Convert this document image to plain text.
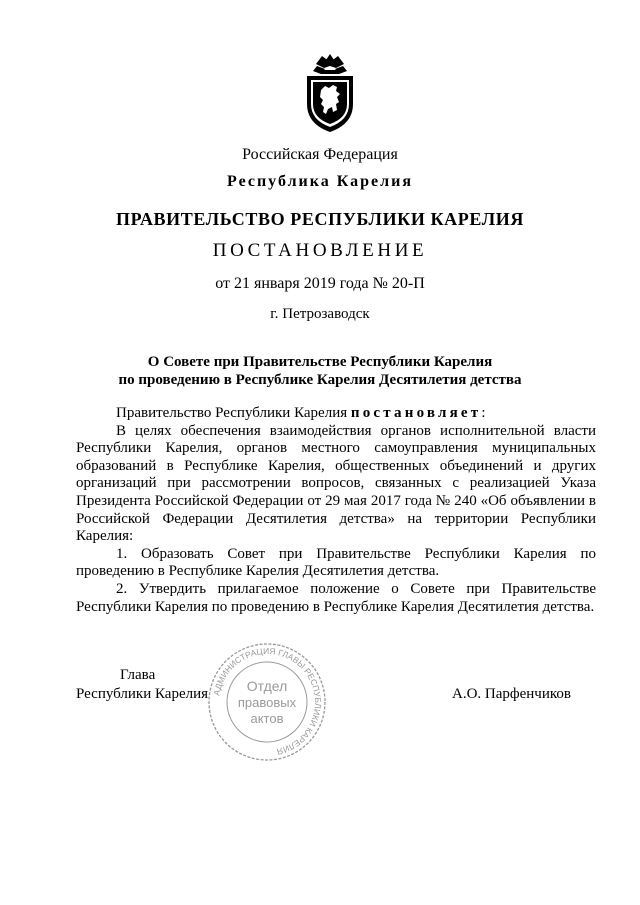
Российская Федерация
Республика Карелия
ПРАВИТЕЛЬСТВО РЕСПУБЛИКИ КАРЕЛИЯ
ПОСТАНОВЛЕНИЕ
от 21 января 2019 года № 20-П
г. Петрозаводск
О Совете при Правительстве Республики Карелия
по проведению в Республике Карелия Десятилетия детства

Правительство Республики Карелия постановляет:

В целях обеспечения взаимодействия органов исполнительной власти Республики Карелия, органов местного самоуправления муниципальных образований в Республике Карелия, общественных объединений и других организаций при рассмотрении вопросов, связанных с реализацией Указа Президента Российской Федерации от 29 мая 2017 года № 240 «Об объявлении в Российской Федерации Десятилетия детства» на территории Республики Карелия:

1. Образовать Совет при Правительстве Республики Карелия по проведению в Республике Карелия Десятилетия детства.

2. Утвердить прилагаемое положение о Совете при Правительстве Республики Карелия по проведению в Республике Карелия Десятилетия детства.

Глава
Республики Карелия	А.О. Парфенчиков
АДМИНИСТРАЦИЯ ГЛАВЫ РЕСПУБЛИКИ КАРЕЛИЯ
Отдел
правовых
актов
